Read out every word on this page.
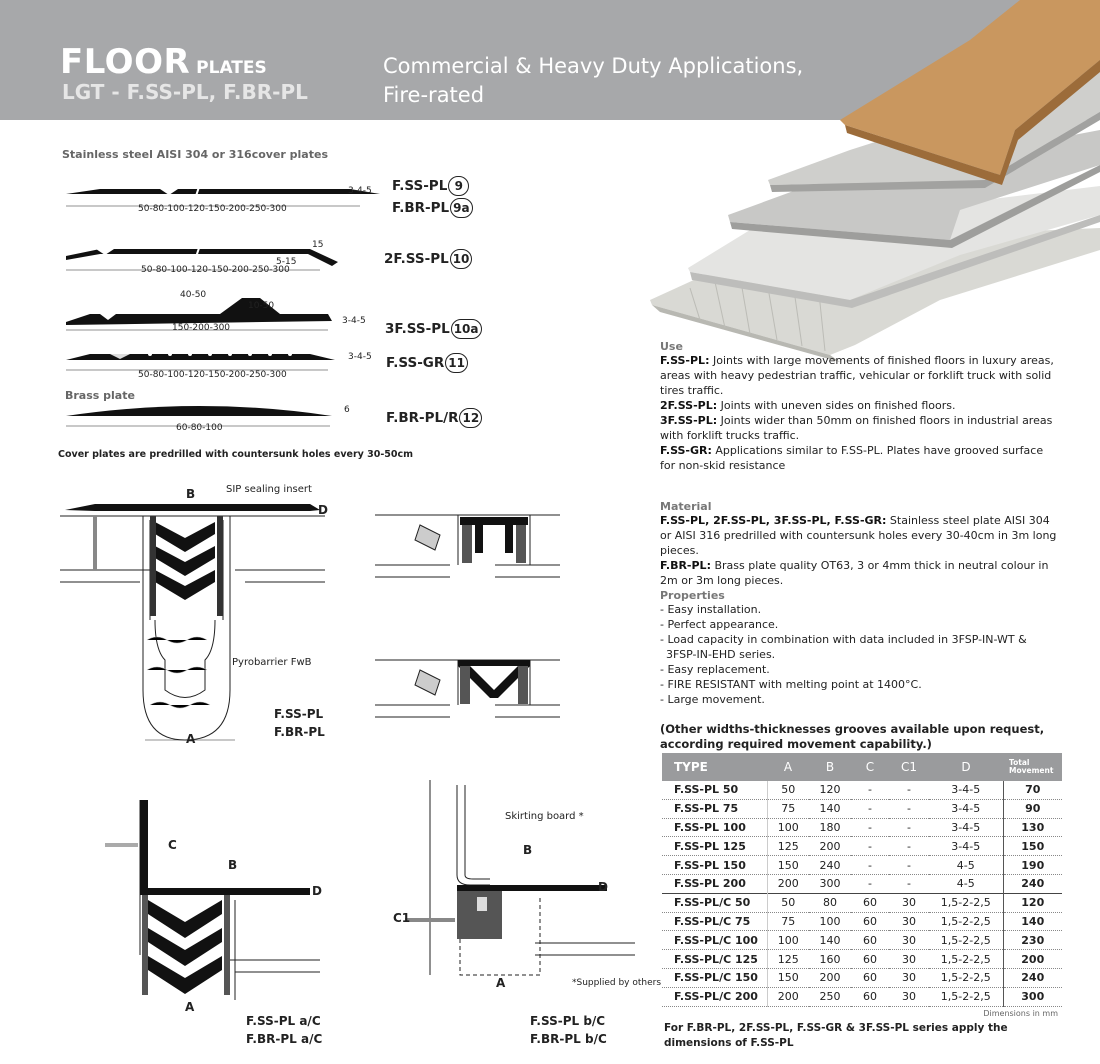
FLOOR PLATES
LGT - F.SS-PL, F.BR-PL
Commercial & Heavy Duty Applications,
Fire-rated
Stainless steel AISI 304 or 316cover plates
3-4-5
50-80-100-120-150-200-250-300
F.SS-PL 9
F.BR-PL 9a
15
5-15
50-80-100-120-150-200-250-300
2F.SS-PL 10
40-50
10-50
3-4-5
150-200-300	3F.SS-PL 10a
3-4-5
50-80-100-120-150-200-250-300
F.SS-GR 11
Brass plate
6
60-80-100
F.BR-PL/R 12
Cover plates are predrilled with countersunk holes every 30-50cm
B	SIP sealing insert
D
Pyrobarrier FwB
A
F.SS-PL
F.BR-PL
C
B
D
A
F.SS-PL a/C
F.BR-PL a/C
Skirting board *
B
D
C1
A	*Supplied by others
F.SS-PL b/C
F.BR-PL b/C
Use
F.SS-PL: Joints with large movements of finished floors in luxury areas, areas with heavy pedestrian traffic, vehicular or forklift truck with solid tires traffic.
2F.SS-PL: Joints with uneven sides on finished floors.
3F.SS-PL: Joints wider than 50mm on finished floors in industrial areas with forklift trucks traffic.
F.SS-GR: Applications similar to F.SS-PL. Plates have grooved surface for non-skid resistance
Material
F.SS-PL, 2F.SS-PL, 3F.SS-PL, F.SS-GR: Stainless steel plate AISI 304 or AISI 316 predrilled with countersunk holes every 30-40cm in 3m long pieces.
F.BR-PL: Brass plate quality OT63, 3 or 4mm thick in neutral colour in 2m or 3m long pieces.
Properties
- Easy installation.
- Perfect appearance.
- Load capacity in combination with data included in 3FSP-IN-WT &
3FSP-IN-EHD series.
- Easy replacement.
- FIRE RESISTANT with melting point at 1400°C.
- Large movement.
(Other widths-thicknesses grooves available upon request, according required movement capability.)
TYPE	A	B	C	C1	D	Total Movement
F.SS-PL 50	50	120	-	-	3-4-5	70
F.SS-PL 75	75	140	-	-	3-4-5	90
F.SS-PL 100	100	180	-	-	3-4-5	130
F.SS-PL 125	125	200	-	-	3-4-5	150
F.SS-PL 150	150	240	-	-	4-5	190
F.SS-PL 200	200	300	-	-	4-5	240
F.SS-PL/C 50	50	80	60	30	1,5-2-2,5	120
F.SS-PL/C 75	75	100	60	30	1,5-2-2,5	140
F.SS-PL/C 100	100	140	60	30	1,5-2-2,5	230
F.SS-PL/C 125	125	160	60	30	1,5-2-2,5	200
F.SS-PL/C 150	150	200	60	30	1,5-2-2,5	240
F.SS-PL/C 200	200	250	60	30	1,5-2-2,5	300
Dimensions in mm						
For F.BR-PL, 2F.SS-PL, F.SS-GR & 3F.SS-PL series apply the dimensions of F.SS-PL
